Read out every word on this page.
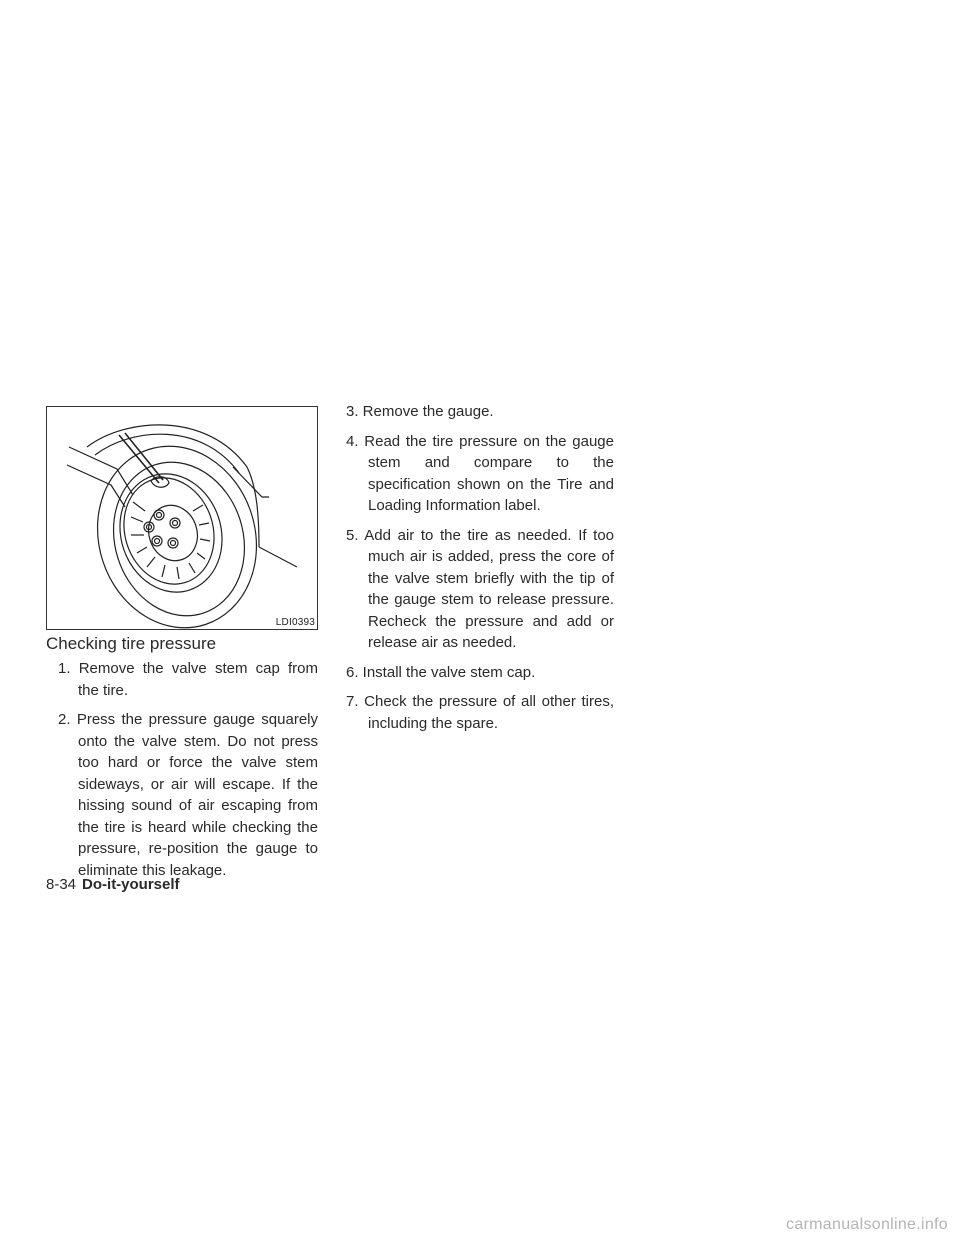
LDI0393
Checking tire pressure
1. Remove the valve stem cap from the tire.
2. Press the pressure gauge squarely onto the valve stem. Do not press too hard or force the valve stem sideways, or air will escape. If the hissing sound of air escaping from the tire is heard while checking the pressure, re-position the gauge to eliminate this leakage.
3. Remove the gauge.
4. Read the tire pressure on the gauge stem and compare to the specification shown on the Tire and Loading Information label.
5. Add air to the tire as needed. If too much air is added, press the core of the valve stem briefly with the tip of the gauge stem to release pressure. Recheck the pressure and add or release air as needed.
6. Install the valve stem cap.
7. Check the pressure of all other tires, including the spare.
8-34 Do-it-yourself
carmanualsonline.info
